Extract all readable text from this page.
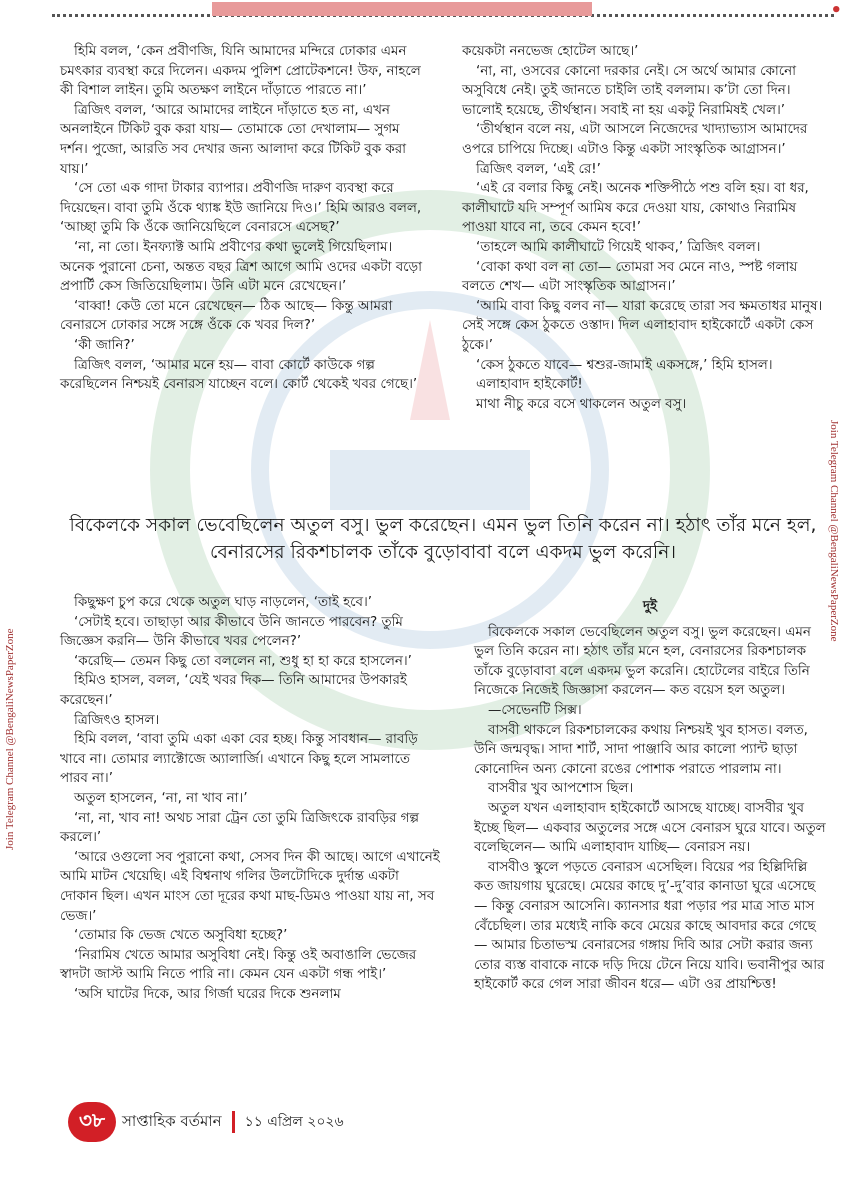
•

হিমি বলল, ‘কেন প্রবীণজি, যিনি আমাদের মন্দিরে ঢোকার এমন চমৎকার ব্যবস্থা করে দিলেন। একদম পুলিশ প্রোটেকশনে! উফ, নাহলে কী বিশাল লাইন। তুমি অতক্ষণ লাইনে দাঁড়াতে পারতে না।’

ত্রিজিৎ বলল, ‘আরে আমাদের লাইনে দাঁড়াতে হত না, এখন অনলাইনে টিকিট বুক করা যায়— তোমাকে তো দেখালাম— সুগম দর্শন। পুজো, আরতি সব দেখার জন্য আলাদা করে টিকিট বুক করা যায়।’

‘সে তো এক গাদা টাকার ব্যাপার। প্রবীণজি দারুণ ব্যবস্থা করে দিয়েছেন। বাবা তুমি ওঁকে থ্যাঙ্ক ইউ জানিয়ে দিও।’ হিমি আরও বলল, ‘আচ্ছা তুমি কি ওঁকে জানিয়েছিলে বেনারসে এসেছ?’

‘না, না তো। ইনফ্যাক্ট আমি প্রবীণের কথা ভুলেই গিয়েছিলাম। অনেক পুরানো চেনা, অন্তত বছর ত্রিশ আগে আমি ওদের একটা বড়ো প্রপার্টি কেস জিতিয়েছিলাম। উনি এটা মনে রেখেছেন।’

‘বাব্বা! কেউ তো মনে রেখেছেন— ঠিক আছে— কিন্তু আমরা বেনারসে ঢোকার সঙ্গে সঙ্গে ওঁকে কে খবর দিল?’

‘কী জানি?’

ত্রিজিৎ বলল, ‘আমার মনে হয়— বাবা কোর্টে কাউকে গল্প করেছিলেন নিশ্চয়ই বেনারস যাচ্ছেন বলে। কোর্ট থেকেই খবর গেছে।’

কয়েকটা ননভেজ হোটেল আছে।’

‘না, না, ওসবের কোনো দরকার নেই। সে অর্থে আমার কোনো অসুবিধে নেই। তুই জানতে চাইলি তাই বললাম। ক’টা তো দিন। ভালোই হয়েছে, তীর্থস্থান। সবাই না হয় একটু নিরামিষই খেল।’

‘তীর্থস্থান বলে নয়, এটা আসলে নিজেদের খাদ্যাভ্যাস আমাদের ওপরে চাপিয়ে দিচ্ছে। এটাও কিন্তু একটা সাংস্কৃতিক আগ্রাসন।’

ত্রিজিৎ বলল, ‘এই রে!’

‘এই রে বলার কিছু নেই। অনেক শক্তিপীঠে পশু বলি হয়। বা ধর, কালীঘাটে যদি সম্পূর্ণ আমিষ করে দেওয়া যায়, কোথাও নিরামিষ পাওয়া যাবে না, তবে কেমন হবে!’

‘তাহলে আমি কালীঘাটে গিয়েই থাকব,’ ত্রিজিৎ বলল।

‘বোকা কথা বল না তো— তোমরা সব মেনে নাও, স্পষ্ট গলায় বলতে শেখ— এটা সাংস্কৃতিক আগ্রাসন।’

‘আমি বাবা কিছু বলব না— যারা করেছে তারা সব ক্ষমতাধর মানুষ। সেই সঙ্গে কেস ঠুকতে ওস্তাদ। দিল এলাহাবাদ হাইকোর্টে একটা কেস ঠুকে।’

‘কেস ঠুকতে যাবে— শ্বশুর-জামাই একসঙ্গে,’ হিমি হাসল।

এলাহাবাদ হাইকোর্ট!

মাথা নীচু করে বসে থাকলেন অতুল বসু।

বিকেলকে সকাল ভেবেছিলেন অতুল বসু। ভুল করেছেন। এমন ভুল তিনি করেন না। হঠাৎ তাঁর মনে হল, বেনারসের রিকশচালক তাঁকে বুড়োবাবা বলে একদম ভুল করেনি।

কিছুক্ষণ চুপ করে থেকে অতুল ঘাড় নাড়লেন, ‘তাই হবে।’

‘সেটাই হবে। তাছাড়া আর কীভাবে উনি জানতে পারবেন? তুমি জিজ্ঞেস করনি— উনি কীভাবে খবর পেলেন?’

‘করেছি— তেমন কিছু তো বললেন না, শুধু হা হা করে হাসলেন।’

হিমিও হাসল, বলল, ‘যেই খবর দিক— তিনি আমাদের উপকারই করেছেন।’

ত্রিজিৎও হাসল।

হিমি বলল, ‘বাবা তুমি একা একা বের হচ্ছ। কিন্তু সাবধান— রাবড়ি খাবে না। তোমার ল্যাক্টোজে অ্যালার্জি। এখানে কিছু হলে সামলাতে পারব না।’

অতুল হাসলেন, ‘না, না খাব না।’

‘না, না, খাব না! অথচ সারা ট্রেন তো তুমি ত্রিজিৎকে রাবড়ির গল্প করলে।’

‘আরে ওগুলো সব পুরানো কথা, সেসব দিন কী আছে। আগে এখানেই আমি মাটন খেয়েছি। এই বিশ্বনাথ গলির উলটোদিকে দুর্দান্ত একটা দোকান ছিল। এখন মাংস তো দূরের কথা মাছ-ডিমও পাওয়া যায় না, সব ভেজ।’

‘তোমার কি ভেজ খেতে অসুবিধা হচ্ছে?’

‘নিরামিষ খেতে আমার অসুবিধা নেই। কিন্তু ওই অবাঙালি ভেজের স্বাদটা জাস্ট আমি নিতে পারি না। কেমন যেন একটা গন্ধ পাই।’

‘অসি ঘাটের দিকে, আর গির্জা ঘরের দিকে শুনলাম

দুই

বিকেলকে সকাল ভেবেছিলেন অতুল বসু। ভুল করেছেন। এমন ভুল তিনি করেন না। হঠাৎ তাঁর মনে হল, বেনারসের রিকশচালক তাঁকে বুড়োবাবা বলে একদম ভুল করেনি। হোটেলের বাইরে তিনি নিজেকে নিজেই জিজ্ঞাসা করলেন— কত বয়েস হল অতুল।

—সেভেনটি সিক্স।

বাসবী থাকলে রিকশচালকের কথায় নিশ্চয়ই খুব হাসত। বলত, উনি জন্মবৃদ্ধ। সাদা শার্ট, সাদা পাঞ্জাবি আর কালো প্যান্ট ছাড়া কোনোদিন অন্য কোনো রঙের পোশাক পরাতে পারলাম না।

বাসবীর খুব আপশোস ছিল।

অতুল যখন এলাহাবাদ হাইকোর্টে আসছে যাচ্ছে। বাসবীর খুব ইচ্ছে ছিল— একবার অতুলের সঙ্গে এসে বেনারস ঘুরে যাবে। অতুল বলেছিলেন— আমি এলাহাবাদ যাচ্ছি— বেনারস নয়।

বাসবীও স্কুলে পড়তে বেনারস এসেছিল। বিয়ের পর হিল্লিদিল্লি কত জায়গায় ঘুরেছে। মেয়ের কাছে দু’-দু’বার কানাডা ঘুরে এসেছে— কিন্তু বেনারস আসেনি। ক্যানসার ধরা পড়ার পর মাত্র সাত মাস বেঁচেছিল। তার মধ্যেই নাকি কবে মেয়ের কাছে আবদার করে গেছে— আমার চিতাভস্ম বেনারসের গঙ্গায় দিবি আর সেটা করার জন্য তোর ব্যস্ত বাবাকে নাকে দড়ি দিয়ে টেনে নিয়ে যাবি। ভবানীপুর আর হাইকোর্ট করে গেল সারা জীবন ধরে— এটা ওর প্রায়শ্চিত্ত!

Join Telegram Channel @BengaliNewsPaperZone
Join Telegram Channel @BengaliNewsPaperZone
৩৮	সাপ্তাহিক বর্তমান ১১ এপ্রিল ২০২৬
